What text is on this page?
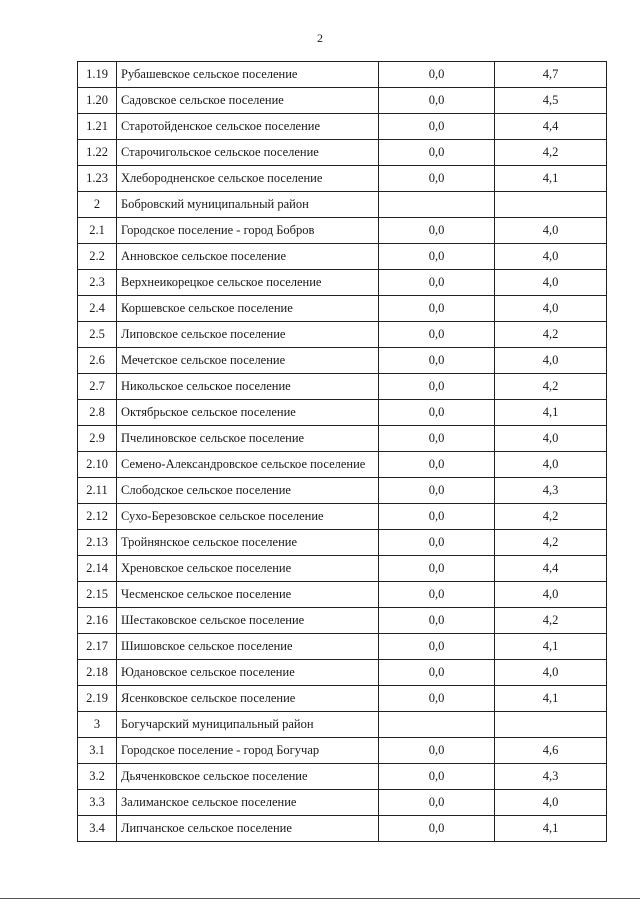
2
1.19	Рубашевское сельское поселение	0,0	4,7
1.20	Садовское сельское поселение	0,0	4,5
1.21	Старотойденское сельское поселение	0,0	4,4
1.22	Старочигольское сельское поселение	0,0	4,2
1.23	Хлебородненское сельское поселение	0,0	4,1
2	Бобровский муниципальный район		
2.1	Городское поселение - город Бобров	0,0	4,0
2.2	Анновское сельское поселение	0,0	4,0
2.3	Верхнеикорецкое сельское поселение	0,0	4,0
2.4	Коршевское сельское поселение	0,0	4,0
2.5	Липовское сельское поселение	0,0	4,2
2.6	Мечетское сельское поселение	0,0	4,0
2.7	Никольское сельское поселение	0,0	4,2
2.8	Октябрьское сельское поселение	0,0	4,1
2.9	Пчелиновское сельское поселение	0,0	4,0
2.10	Семено-Александровское сельское поселение	0,0	4,0
2.11	Слободское сельское поселение	0,0	4,3
2.12	Сухо-Березовское сельское поселение	0,0	4,2
2.13	Тройнянское сельское поселение	0,0	4,2
2.14	Хреновское сельское поселение	0,0	4,4
2.15	Чесменское сельское поселение	0,0	4,0
2.16	Шестаковское сельское поселение	0,0	4,2
2.17	Шишовское сельское поселение	0,0	4,1
2.18	Юдановское сельское поселение	0,0	4,0
2.19	Ясенковское сельское поселение	0,0	4,1
3	Богучарский муниципальный район		
3.1	Городское поселение - город Богучар	0,0	4,6
3.2	Дьяченковское сельское поселение	0,0	4,3
3.3	Залиманское сельское поселение	0,0	4,0
3.4	Липчанское сельское поселение	0,0	4,1
